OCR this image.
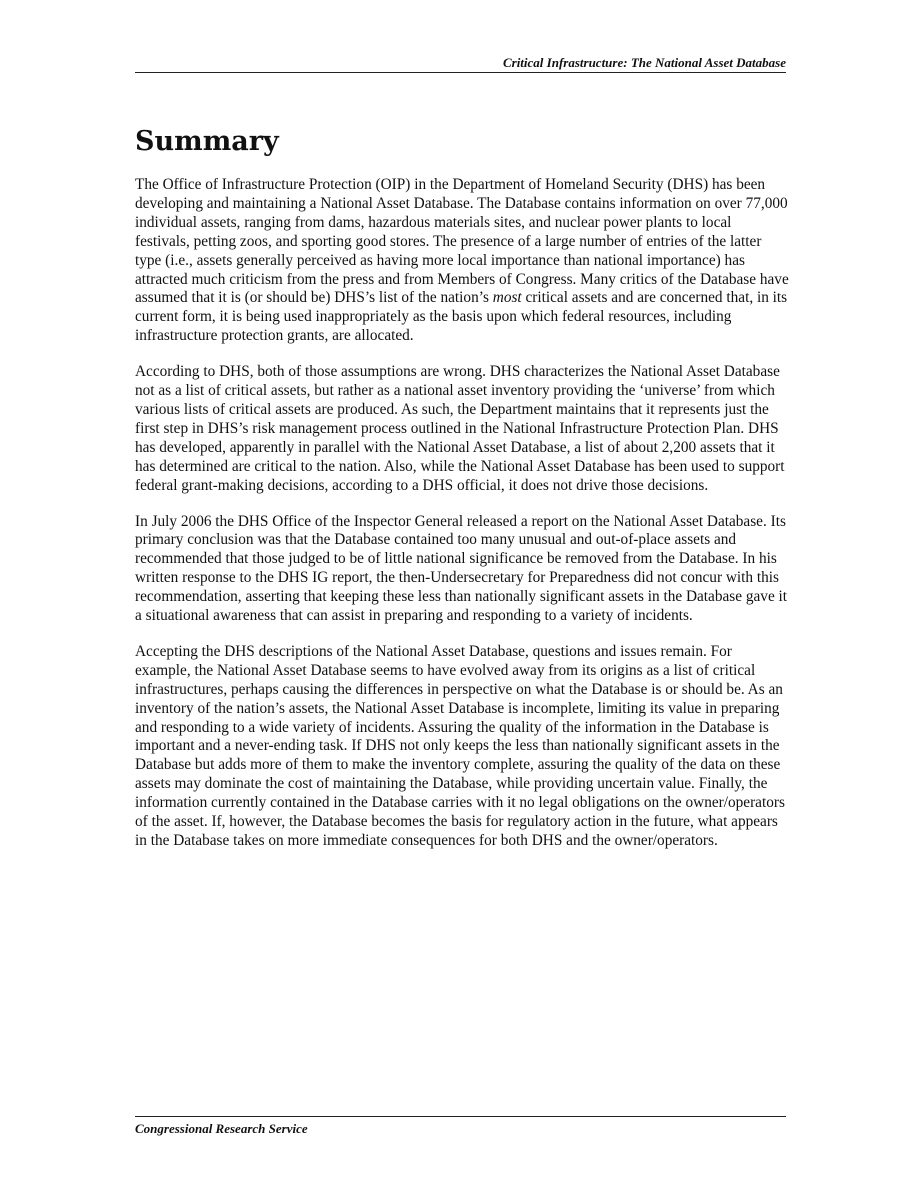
Critical Infrastructure: The National Asset Database
Summary

The Office of Infrastructure Protection (OIP) in the Department of Homeland Security (DHS) has been developing and maintaining a National Asset Database. The Database contains information on over 77,000 individual assets, ranging from dams, hazardous materials sites, and nuclear power plants to local festivals, petting zoos, and sporting good stores. The presence of a large number of entries of the latter type (i.e., assets generally perceived as having more local importance than national importance) has attracted much criticism from the press and from Members of Congress. Many critics of the Database have assumed that it is (or should be) DHS’s list of the nation’s most critical assets and are concerned that, in its current form, it is being used inappropriately as the basis upon which federal resources, including infrastructure protection grants, are allocated.

According to DHS, both of those assumptions are wrong. DHS characterizes the National Asset Database not as a list of critical assets, but rather as a national asset inventory providing the ‘universe’ from which various lists of critical assets are produced. As such, the Department maintains that it represents just the first step in DHS’s risk management process outlined in the National Infrastructure Protection Plan. DHS has developed, apparently in parallel with the National Asset Database, a list of about 2,200 assets that it has determined are critical to the nation. Also, while the National Asset Database has been used to support federal grant-making decisions, according to a DHS official, it does not drive those decisions.

In July 2006 the DHS Office of the Inspector General released a report on the National Asset Database. Its primary conclusion was that the Database contained too many unusual and out-of-place assets and recommended that those judged to be of little national significance be removed from the Database. In his written response to the DHS IG report, the then-Undersecretary for Preparedness did not concur with this recommendation, asserting that keeping these less than nationally significant assets in the Database gave it a situational awareness that can assist in preparing and responding to a variety of incidents.

Accepting the DHS descriptions of the National Asset Database, questions and issues remain. For example, the National Asset Database seems to have evolved away from its origins as a list of critical infrastructures, perhaps causing the differences in perspective on what the Database is or should be. As an inventory of the nation’s assets, the National Asset Database is incomplete, limiting its value in preparing and responding to a wide variety of incidents. Assuring the quality of the information in the Database is important and a never-ending task. If DHS not only keeps the less than nationally significant assets in the Database but adds more of them to make the inventory complete, assuring the quality of the data on these assets may dominate the cost of maintaining the Database, while providing uncertain value. Finally, the information currently contained in the Database carries with it no legal obligations on the owner/operators of the asset. If, however, the Database becomes the basis for regulatory action in the future, what appears in the Database takes on more immediate consequences for both DHS and the owner/operators.

Congressional Research Service
